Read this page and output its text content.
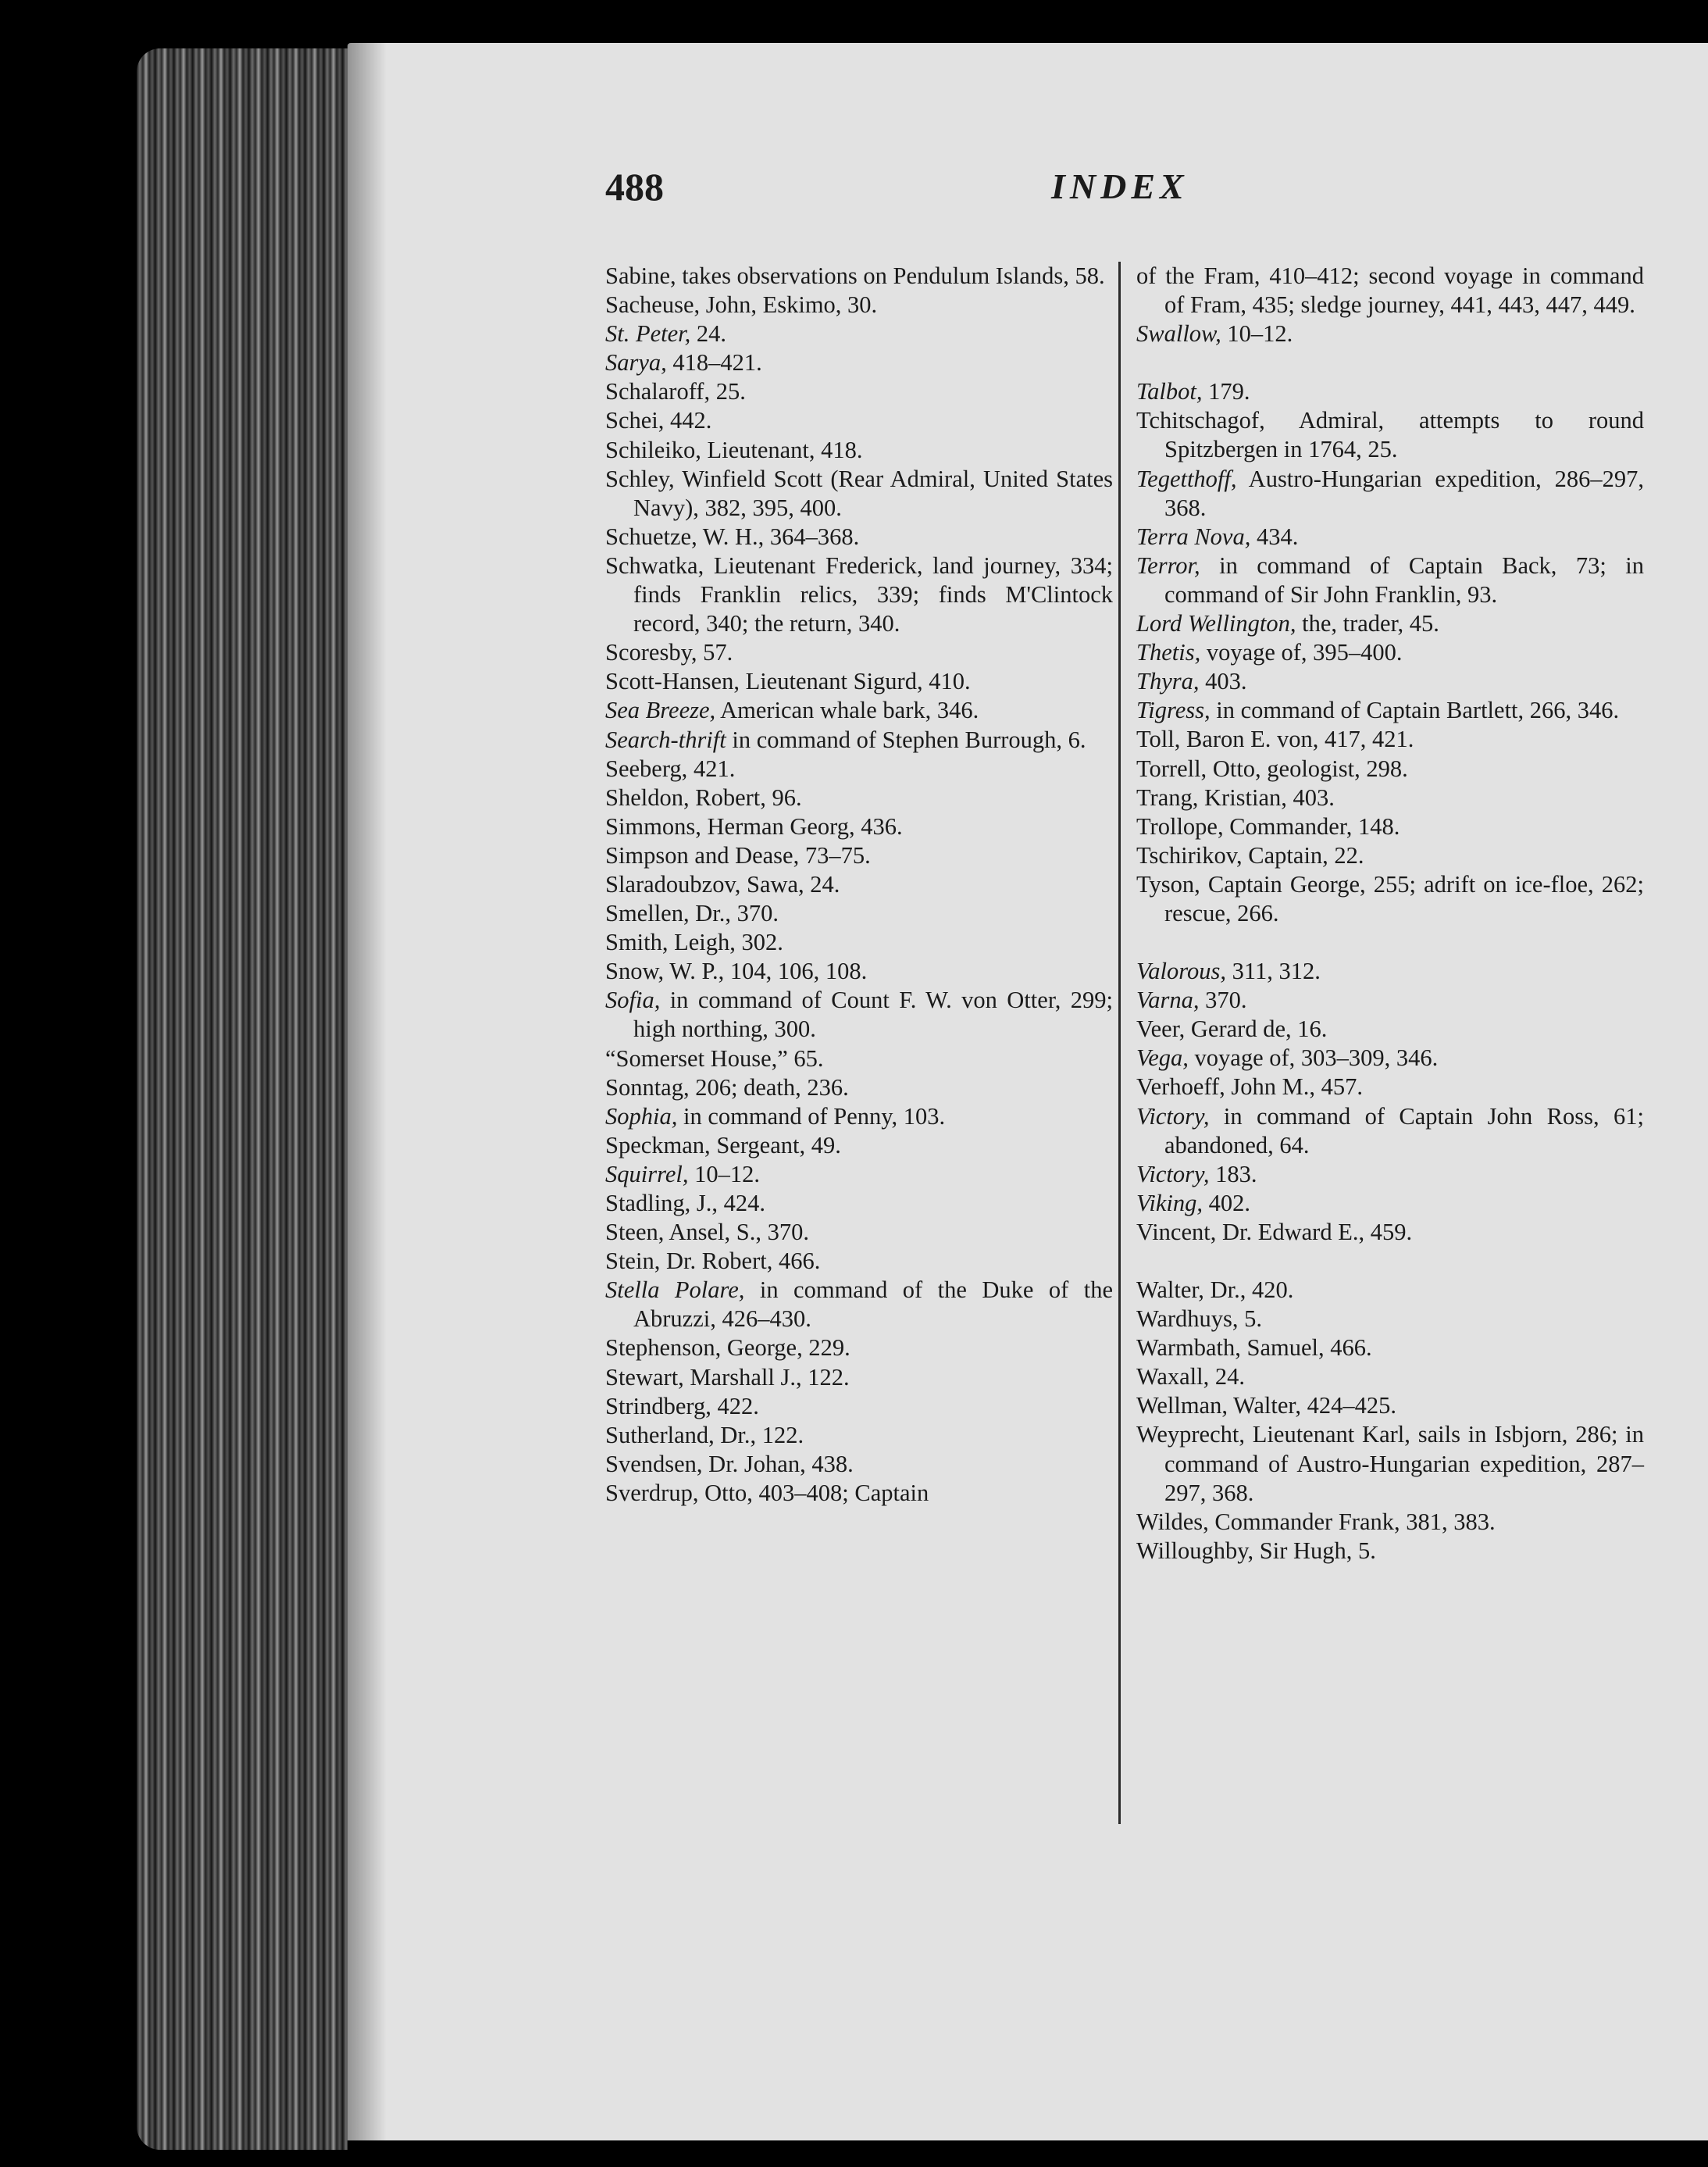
488	INDEX

Sabine, takes observations on Pendulum Islands, 58.

Sacheuse, John, Eskimo, 30.

St. Peter, 24.

Sarya, 418–421.

Schalaroff, 25.

Schei, 442.

Schileiko, Lieutenant, 418.

Schley, Winfield Scott (Rear Admiral, United States Navy), 382, 395, 400.

Schuetze, W. H., 364–368.

Schwatka, Lieutenant Frederick, land journey, 334; finds Franklin relics, 339; finds M'Clintock record, 340; the return, 340.

Scoresby, 57.

Scott-Hansen, Lieutenant Sigurd, 410.

Sea Breeze, American whale bark, 346.

Search-thrift in command of Stephen Burrough, 6.

Seeberg, 421.

Sheldon, Robert, 96.

Simmons, Herman Georg, 436.

Simpson and Dease, 73–75.

Slaradoubzov, Sawa, 24.

Smellen, Dr., 370.

Smith, Leigh, 302.

Snow, W. P., 104, 106, 108.

Sofia, in command of Count F. W. von Otter, 299; high northing, 300.

“Somerset House,” 65.

Sonntag, 206; death, 236.

Sophia, in command of Penny, 103.

Speckman, Sergeant, 49.

Squirrel, 10–12.

Stadling, J., 424.

Steen, Ansel, S., 370.

Stein, Dr. Robert, 466.

Stella Polare, in command of the Duke of the Abruzzi, 426–430.

Stephenson, George, 229.

Stewart, Marshall J., 122.

Strindberg, 422.

Sutherland, Dr., 122.

Svendsen, Dr. Johan, 438.

Sverdrup, Otto, 403–408; Captain

of the Fram, 410–412; second voyage in command of Fram, 435; sledge journey, 441, 443, 447, 449.

Swallow, 10–12.

Talbot, 179.

Tchitschagof, Admiral, attempts to round Spitzbergen in 1764, 25.

Tegetthoff, Austro-Hungarian expedition, 286–297, 368.

Terra Nova, 434.

Terror, in command of Captain Back, 73; in command of Sir John Franklin, 93.

Lord Wellington, the, trader, 45.

Thetis, voyage of, 395–400.

Thyra, 403.

Tigress, in command of Captain Bartlett, 266, 346.

Toll, Baron E. von, 417, 421.

Torrell, Otto, geologist, 298.

Trang, Kristian, 403.

Trollope, Commander, 148.

Tschirikov, Captain, 22.

Tyson, Captain George, 255; adrift on ice-floe, 262; rescue, 266.

Valorous, 311, 312.

Varna, 370.

Veer, Gerard de, 16.

Vega, voyage of, 303–309, 346.

Verhoeff, John M., 457.

Victory, in command of Captain John Ross, 61; abandoned, 64.

Victory, 183.

Viking, 402.

Vincent, Dr. Edward E., 459.

Walter, Dr., 420.

Wardhuys, 5.

Warmbath, Samuel, 466.

Waxall, 24.

Wellman, Walter, 424–425.

Weyprecht, Lieutenant Karl, sails in Isbjorn, 286; in command of Austro-Hungarian expedition, 287–297, 368.

Wildes, Commander Frank, 381, 383.

Willoughby, Sir Hugh, 5.
